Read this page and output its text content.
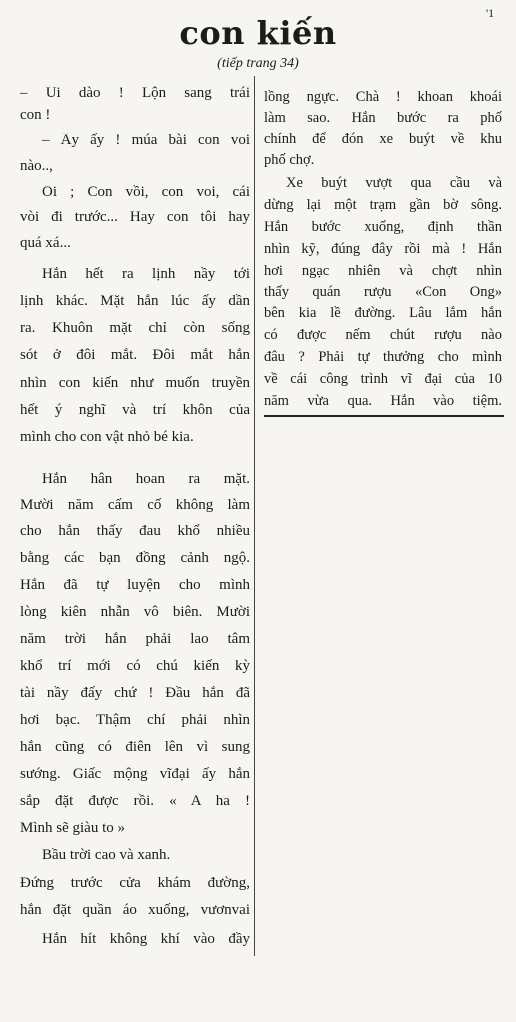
'1
con kiến
(tiếp trang 34)
– Úi dào ! Lộn sang trái
con !
– Ấy ấy ! múa bài con voi
nào..,
Ối ; Con vồi, con voi, cái
vòi đi trước... Hay con tôi hay
quá xá...
Hắn hết ra lịnh nầy tới
lịnh khác. Mặt hắn lúc ấy dần
ra. Khuôn mặt chỉ còn sống
sót ở đôi mắt. Đôi mắt hắn
nhìn con kiến như muốn truyền
hết ý nghĩ và trí khôn của
mình cho con vật nhỏ bé kia.
Hắn hân hoan ra mặt.
Mười năm cấm cố không làm
cho hắn thấy đau khổ nhiều
bằng các bạn đồng cảnh ngộ.
Hắn đã tự luyện cho mình
lòng kiên nhẫn vô biên. Mười
năm trời hắn phải lao tâm
khổ trí mới có chú kiến kỳ
tài nầy đấy chứ ! Đầu hắn đã
hơi bạc. Thậm chí phải nhìn
hắn cũng có điên lên vì sung
sướng. Giấc mộng vĩđại ấy hắn
sắp đặt được rồi. « A ha !
Mình sẽ giàu to »
Bầu trời cao và xanh.
Đứng trước cửa khám đường,
hắn đặt quần áo xuống, vươnvai
Hắn hít không khí vào đầy
lồng ngực. Chà ! khoan khoái
làm sao. Hắn bước ra phố
chính để đón xe buýt về khu
phố chợ.
Xe buýt vượt qua cầu và
dừng lại một trạm gần bờ sông.
Hắn bước xuống, định thần
nhìn kỹ, đúng đây rồi mà ! Hắn
hơi ngạc nhiên và chợt nhìn
thấy quán rượu «Con Ong»
bên kia lề đường. Lâu lắm hắn
có được nếm chút rượu nào
đâu ? Phải tự thưởng cho mình
về cái công trình vĩ đại của 10
năm vừa qua. Hắn vào tiệm.
